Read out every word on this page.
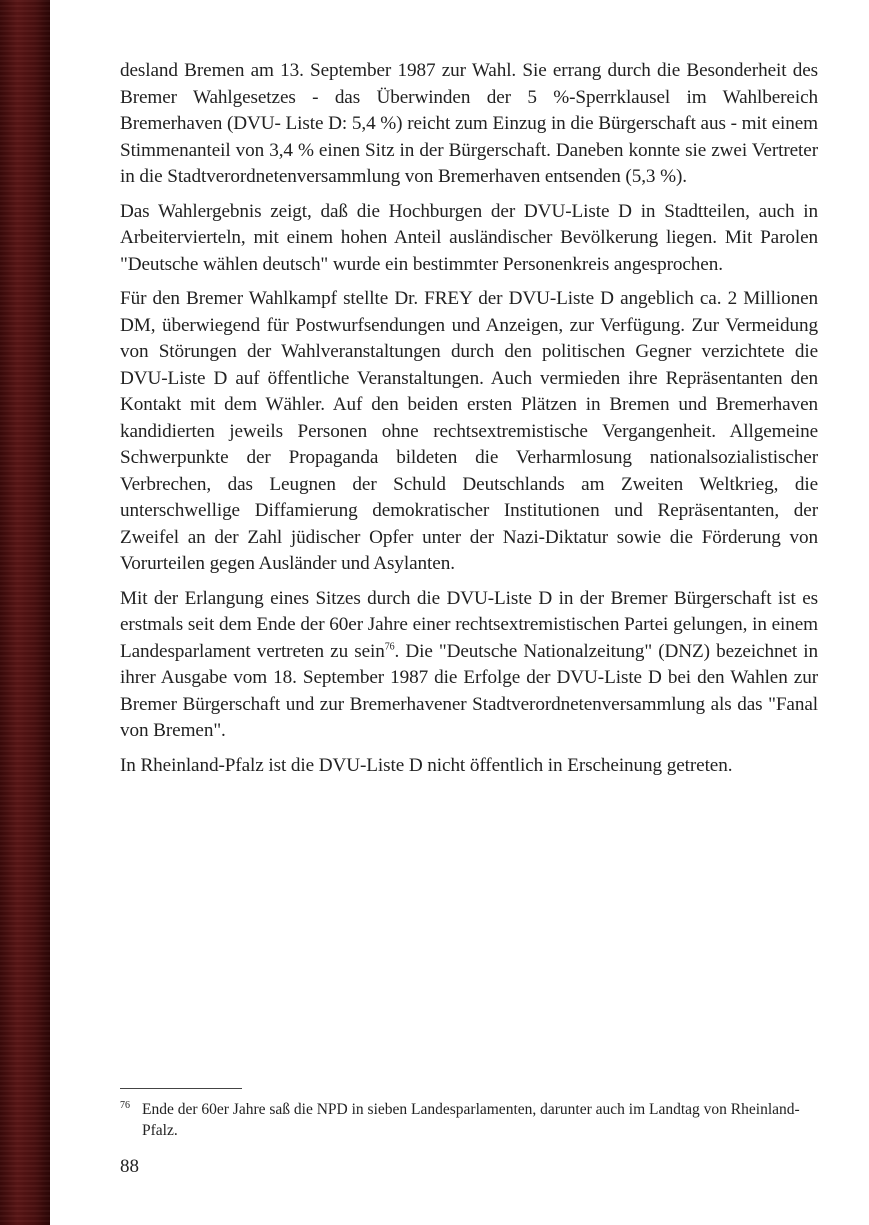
desland Bremen am 13. September 1987 zur Wahl. Sie errang durch die Besonderheit des Bremer Wahlgesetzes - das Überwinden der 5 %-Sperrklausel im Wahlbereich Bremerhaven (DVU- Liste D: 5,4 %) reicht zum Einzug in die Bürgerschaft aus - mit einem Stimmenanteil von 3,4 % einen Sitz in der Bürgerschaft. Daneben konnte sie zwei Vertreter in die Stadtverordnetenversammlung von Bremerhaven entsenden (5,3 %).

Das Wahlergebnis zeigt, daß die Hochburgen der DVU-Liste D in Stadtteilen, auch in Arbeitervierteln, mit einem hohen Anteil ausländischer Bevölkerung liegen. Mit Parolen "Deutsche wählen deutsch" wurde ein bestimmter Personenkreis angesprochen.

Für den Bremer Wahlkampf stellte Dr. FREY der DVU-Liste D angeblich ca. 2 Millionen DM, überwiegend für Postwurfsendungen und Anzeigen, zur Verfügung. Zur Vermeidung von Störungen der Wahlveranstaltungen durch den politischen Gegner verzichtete die DVU-Liste D auf öffentliche Veranstaltungen. Auch vermieden ihre Repräsentanten den Kontakt mit dem Wähler. Auf den beiden ersten Plätzen in Bremen und Bremerhaven kandidierten jeweils Personen ohne rechtsextremistische Vergangenheit. Allgemeine Schwerpunkte der Propaganda bildeten die Verharmlosung nationalsozialistischer Verbrechen, das Leugnen der Schuld Deutschlands am Zweiten Weltkrieg, die unterschwellige Diffamierung demokratischer Institutionen und Repräsentanten, der Zweifel an der Zahl jüdischer Opfer unter der Nazi-Diktatur sowie die Förderung von Vorurteilen gegen Ausländer und Asylanten.

Mit der Erlangung eines Sitzes durch die DVU-Liste D in der Bremer Bürgerschaft ist es erstmals seit dem Ende der 60er Jahre einer rechtsextremistischen Partei gelungen, in einem Landesparlament vertreten zu sein$^{76}$. Die "Deutsche Nationalzeitung" (DNZ) bezeichnet in ihrer Ausgabe vom 18. September 1987 die Erfolge der DVU-Liste D bei den Wahlen zur Bremer Bürgerschaft und zur Bremerhavener Stadtverordnetenversammlung als das "Fanal von Bremen".

In Rheinland-Pfalz ist die DVU-Liste D nicht öffentlich in Erscheinung getreten.

76 Ende der 60er Jahre saß die NPD in sieben Landesparlamenten, darunter auch im Landtag von Rheinland-Pfalz.

88
